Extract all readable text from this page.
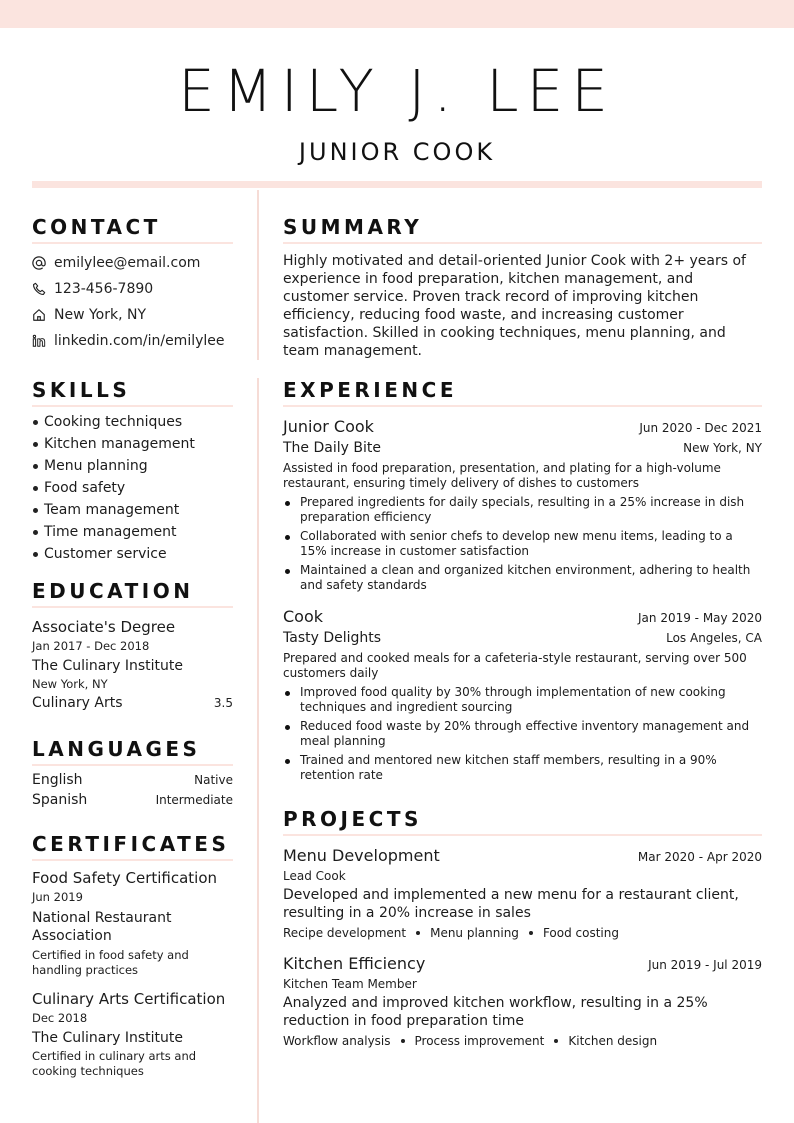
EMILY J. LEE
JUNIOR COOK
CONTACT
emilylee@email.com
123-456-7890
New York, NY
linkedin.com/in/emilylee
SUMMARY
Highly motivated and detail-oriented Junior Cook with 2+ years of experience in food preparation, kitchen management, and customer service. Proven track record of improving kitchen efficiency, reducing food waste, and increasing customer satisfaction. Skilled in cooking techniques, menu planning, and team management.
SKILLS
Cooking techniques
Kitchen management
Menu planning
Food safety
Team management
Time management
Customer service
EDUCATION
Associate's Degree
Jan 2017 - Dec 2018
The Culinary Institute
New York, NY
Culinary Arts	3.5
LANGUAGES
English	Native
Spanish	Intermediate
CERTIFICATES
Food Safety Certification
Jun 2019
National Restaurant Association
Certified in food safety and handling practices
Culinary Arts Certification
Dec 2018
The Culinary Institute
Certified in culinary arts and cooking techniques
EXPERIENCE
Junior Cook	Jun 2020 - Dec 2021
The Daily Bite	New York, NY
Assisted in food preparation, presentation, and plating for a high-volume restaurant, ensuring timely delivery of dishes to customers
Prepared ingredients for daily specials, resulting in a 25% increase in dish preparation efficiency
Collaborated with senior chefs to develop new menu items, leading to a 15% increase in customer satisfaction
Maintained a clean and organized kitchen environment, adhering to health and safety standards
Cook	Jan 2019 - May 2020
Tasty Delights	Los Angeles, CA
Prepared and cooked meals for a cafeteria-style restaurant, serving over 500 customers daily
Improved food quality by 30% through implementation of new cooking techniques and ingredient sourcing
Reduced food waste by 20% through effective inventory management and meal planning
Trained and mentored new kitchen staff members, resulting in a 90% retention rate
PROJECTS
Menu Development	Mar 2020 - Apr 2020
Lead Cook
Developed and implemented a new menu for a restaurant client, resulting in a 20% increase in sales
Recipe development Menu planning Food costing
Kitchen Efficiency	Jun 2019 - Jul 2019
Kitchen Team Member
Analyzed and improved kitchen workflow, resulting in a 25% reduction in food preparation time
Workflow analysis Process improvement Kitchen design
